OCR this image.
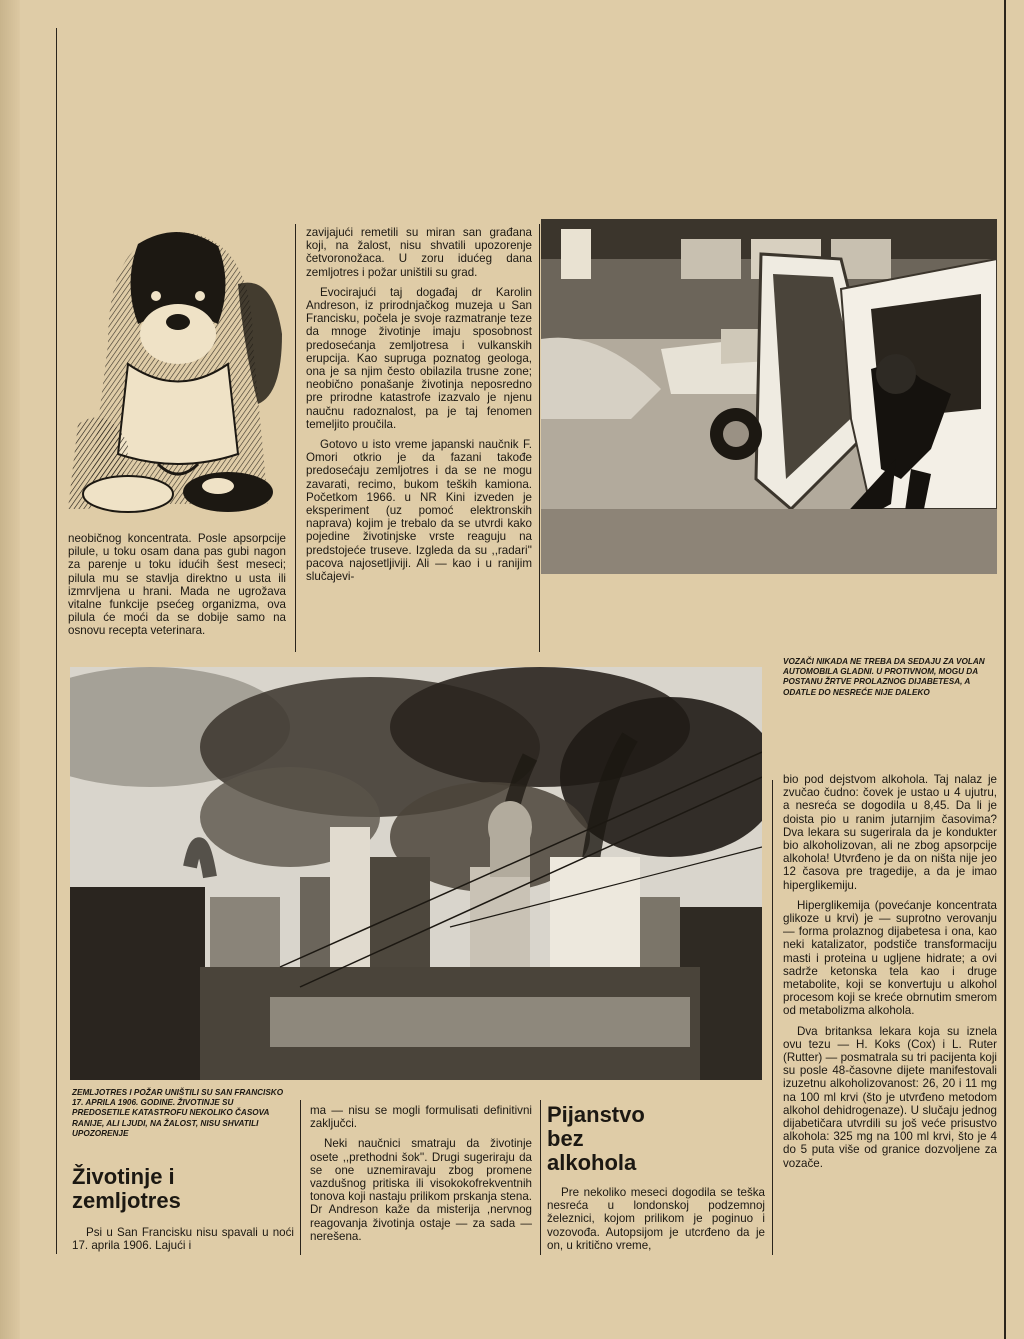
neobičnog koncentrata. Posle apsorpcije pilule, u toku osam dana pas gubi nagon za parenje u toku idućih šest meseci; pilula mu se stavlja direktno u usta ili izmrvljena u hrani. Mada ne ugrožava vitalne funkcije psećeg organizma, ova pilula će moći da se dobije samo na osnovu recepta veterinara.

zavijajući remetili su miran san građana koji, na žalost, nisu shvatili upozorenje četvoronožaca. U zoru idućeg dana zemljotres i požar uništili su grad.

Evocirajući taj događaj dr Karolin Andreson, iz prirodnjačkog muzeja u San Francisku, počela je svoje razmatranje teze da mnoge životinje imaju sposobnost predosećanja zemljotresa i vulkanskih erupcija. Kao supruga poznatog geologa, ona je sa njim često obilazila trusne zone; neobično ponašanje životinja neposredno pre prirodne katastrofe izazvalo je njenu naučnu radoznalost, pa je taj fenomen temeljito proučila.

Gotovo u isto vreme japanski naučnik F. Omori otkrio je da fazani takođe predosećaju zemljotres i da se ne mogu zavarati, recimo, bukom teških kamiona. Početkom 1966. u NR Kini izveden je eksperiment (uz pomoć elektronskih naprava) kojim je trebalo da se utvrdi kako pojedine životinjske vrste reaguju na predstojeće truseve. Izgleda da su ,,radari'' pacova najosetljiviji. Ali — kao i u ranijim slučajevi-

VOZAČI NIKADA NE TREBA DA SEDAJU ZA VOLAN AUTOMOBILA GLADNI. U PROTIVNOM, MOGU DA POSTANU ŽRTVE PROLAZNOG DIJABETESA, A ODATLE DO NESREĆE NIJE DALEKO
ZEMLJOTRES I POŽAR UNIŠTILI SU SAN FRANCISKO 17. APRILA 1906. GODINE. ŽIVOTINJE SU PREDOSETILE KATASTROFU NEKOLIKO ČASOVA RANIJE, ALI LJUDI, NA ŽALOST, NISU SHVATILI UPOZORENJE
Životinje i
zemljotres

Psi u San Francisku nisu spavali u noći 17. aprila 1906. Lajući i

ma — nisu se mogli formulisati definitivni zaključci.

Neki naučnici smatraju da životinje osete ,,prethodni šok''. Drugi sugeriraju da se one uznemiravaju zbog promene vazdušnog pritiska ili visokokofrekventnih tonova koji nastaju prilikom prskanja stena. Dr Andreson kaže da misterija ,nervnog reagovanja životinja ostaje — za sada — nerešena.

Pijanstvo
bez
alkohola

Pre nekoliko meseci dogodila se teška nesreća u londonskoj podzemnoj železnici, kojom prilikom je poginuo i vozovođa. Autopsijom je utcrđeno da je on, u kritično vreme,

bio pod dejstvom alkohola. Taj nalaz je zvučao čudno: čovek je ustao u 4 ujutru, a nesreća se dogodila u 8,45. Da li je doista pio u ranim jutarnjim časovima? Dva lekara su sugerirala da je kondukter bio alkoholizovan, ali ne zbog apsorpcije alkohola! Utvrđeno je da on ništa nije jeo 12 časova pre tragedije, a da je imao hiperglikemiju.

Hiperglikemija (povećanje koncentrata glikoze u krvi) je — suprotno verovanju — forma prolaznog dijabetesa i ona, kao neki katalizator, podstiče transformaciju masti i proteina u ugljene hidrate; a ovi sadrže ketonska tela kao i druge metabolite, koji se konvertuju u alkohol procesom koji se kreće obrnutim smerom od metabolizma alkohola.

Dva britanksa lekara koja su iznela ovu tezu — H. Koks (Cox) i L. Ruter (Rutter) — posmatrala su tri pacijenta koji su posle 48-časovne dijete manifestovali izuzetnu alkoholizovanost: 26, 20 i 11 mg na 100 ml krvi (što je utvrđeno metodom alkohol dehidrogenaze). U slučaju jednog dijabetičara utvrdili su još veće prisustvo alkohola: 325 mg na 100 ml krvi, što je 4 do 5 puta više od granice dozvoljene za vozače.
